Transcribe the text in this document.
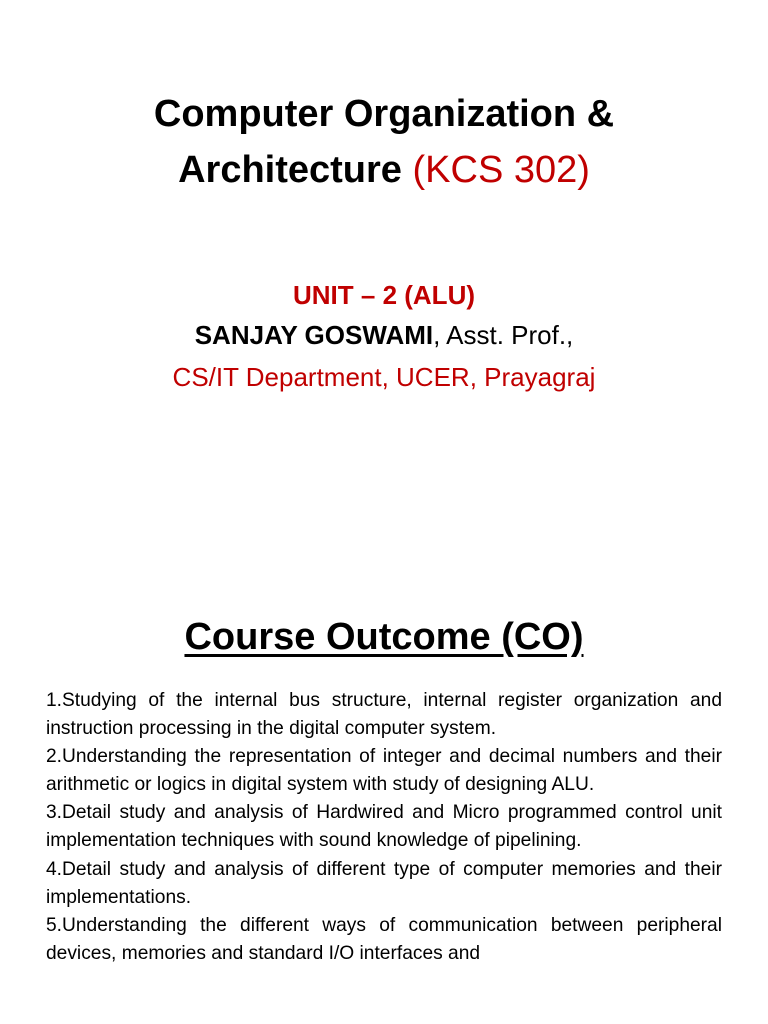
Computer Organization &
Architecture (KCS 302)

UNIT – 2 (ALU)

SANJAY GOSWAMI, Asst. Prof.,

CS/IT Department, UCER, Prayagraj

Course Outcome (CO)
1.Studying of the internal bus structure, internal register organization and instruction processing in the digital computer system.
2.Understanding the representation of integer and decimal numbers and their arithmetic or logics in digital system with study of designing ALU.
3.Detail study and analysis of Hardwired and Micro programmed control unit implementation techniques with sound knowledge of pipelining.
4.Detail study and analysis of different type of computer memories and their implementations.
5.Understanding the different ways of communication between peripheral devices, memories and standard I/O interfaces and
